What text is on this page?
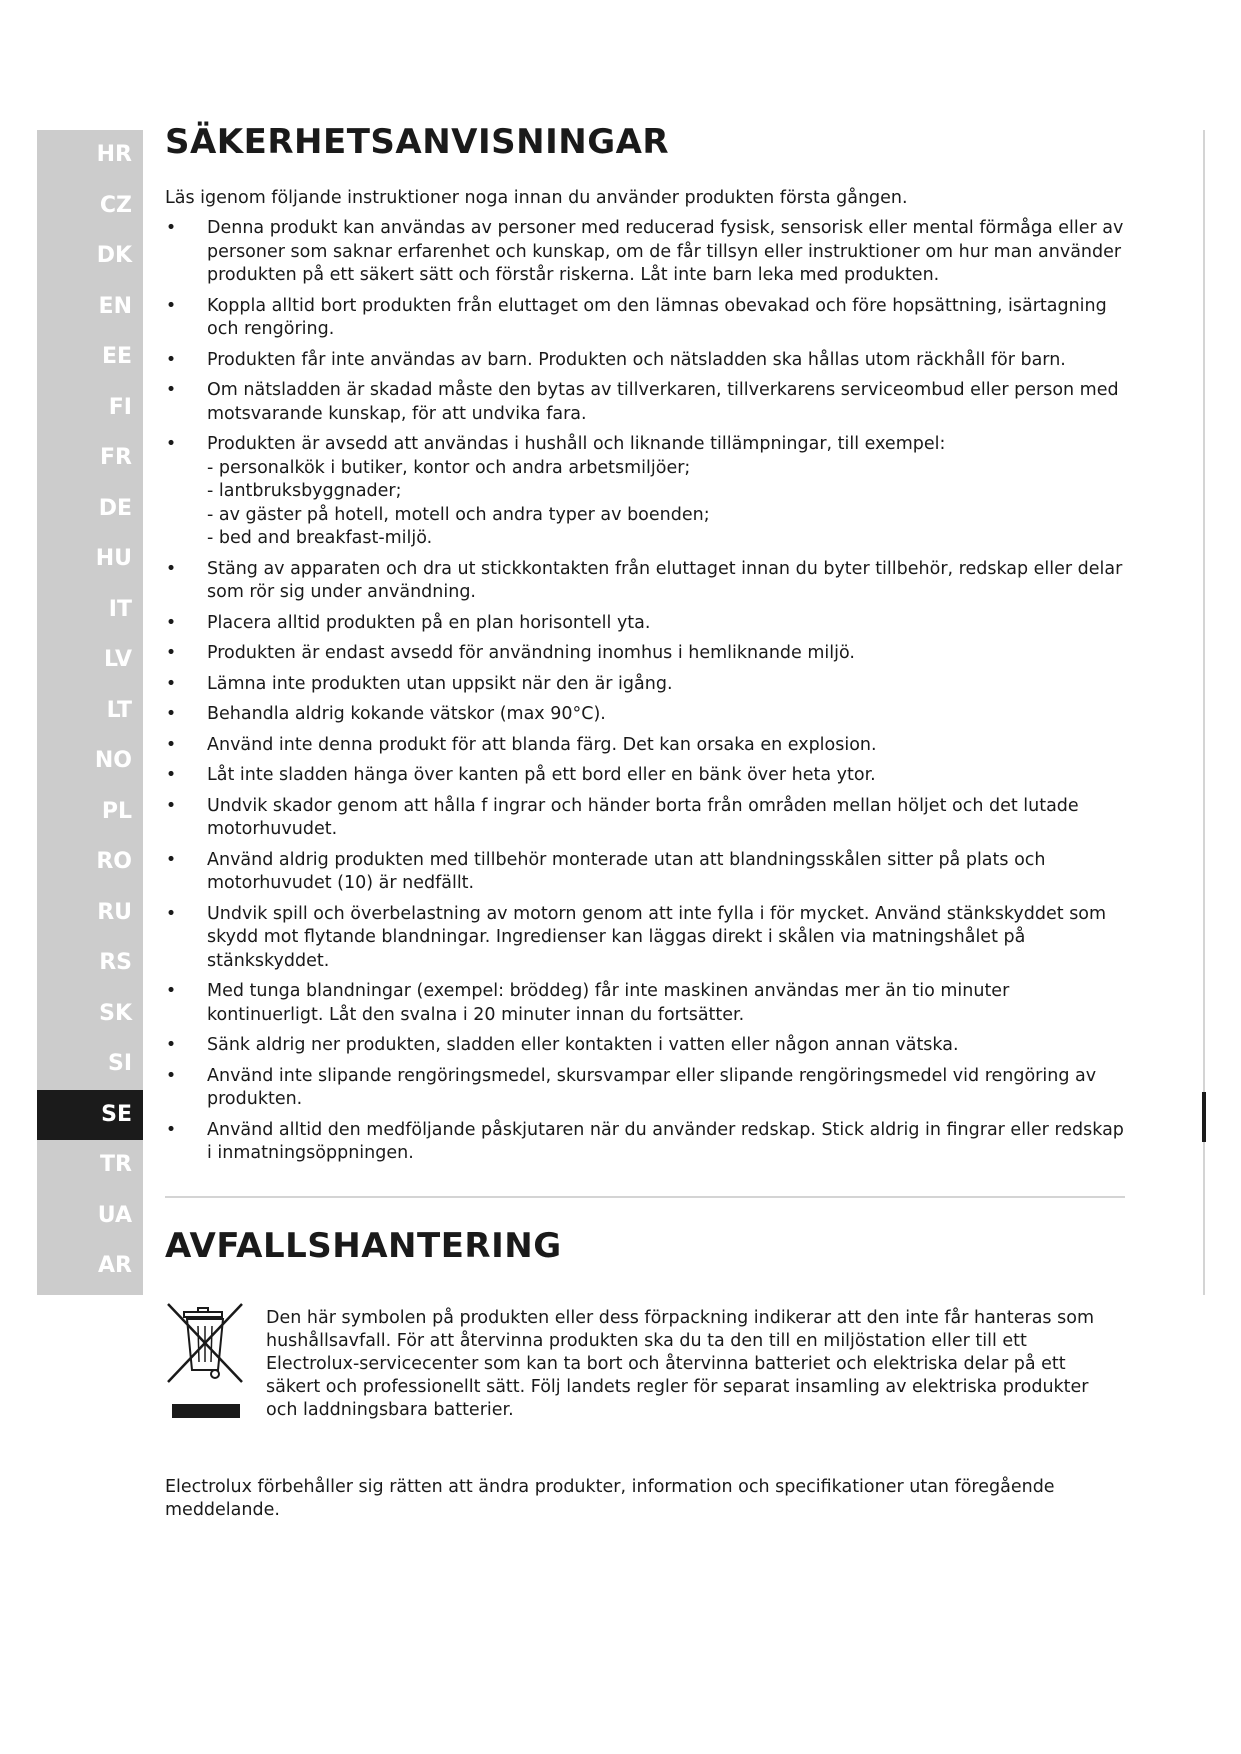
HR
CZ
DK
EN
EE
FI
FR
DE
HU
IT
LV
LT
NO
PL
RO
RU
RS
SK
SI
SE
TR
UA
AR
SÄKERHETSANVISNINGAR

Läs igenom följande instruktioner noga innan du använder produkten första gången.

• Denna produkt kan användas av personer med reducerad fysisk, sensorisk eller mental förmåga eller av personer som saknar erfarenhet och kunskap, om de får tillsyn eller instruktioner om hur man använder produkten på ett säkert sätt och förstår riskerna. Låt inte barn leka med produkten.
• Koppla alltid bort produkten från eluttaget om den lämnas obevakad och före hopsättning, isärtagning och rengöring.
• Produkten får inte användas av barn. Produkten och nätsladden ska hållas utom räckhåll för barn.
• Om nätsladden är skadad måste den bytas av tillverkaren, tillverkarens serviceombud eller person med motsvarande kunskap, för att undvika fara.
• Produkten är avsedd att användas i hushåll och liknande tillämpningar, till exempel:
- personalkök i butiker, kontor och andra arbetsmiljöer;
- lantbruksbyggnader;
- av gäster på hotell, motell och andra typer av boenden;
- bed and breakfast-miljö.
• Stäng av apparaten och dra ut stickkontakten från eluttaget innan du byter tillbehör, redskap eller delar som rör sig under användning.
• Placera alltid produkten på en plan horisontell yta.
• Produkten är endast avsedd för användning inomhus i hemliknande miljö.
• Lämna inte produkten utan uppsikt när den är igång.
• Behandla aldrig kokande vätskor (max 90°C).
• Använd inte denna produkt för att blanda färg. Det kan orsaka en explosion.
• Låt inte sladden hänga över kanten på ett bord eller en bänk över heta ytor.
• Undvik skador genom att hålla f ingrar och händer borta från områden mellan höljet och det lutade motorhuvudet.
• Använd aldrig produkten med tillbehör monterade utan att blandningsskålen sitter på plats och motorhuvudet (10) är nedfällt.
• Undvik spill och överbelastning av motorn genom att inte fylla i för mycket. Använd stänkskyddet som skydd mot flytande blandningar. Ingredienser kan läggas direkt i skålen via matningshålet på stänkskyddet.
• Med tunga blandningar (exempel: bröddeg) får inte maskinen användas mer än tio minuter kontinuerligt. Låt den svalna i 20 minuter innan du fortsätter.
• Sänk aldrig ner produkten, sladden eller kontakten i vatten eller någon annan vätska.
• Använd inte slipande rengöringsmedel, skursvampar eller slipande rengöringsmedel vid rengöring av produkten.
• Använd alltid den medföljande påskjutaren när du använder redskap. Stick aldrig in fingrar eller redskap i inmatningsöppningen.
AVFALLSHANTERING
Den här symbolen på produkten eller dess förpackning indikerar att den inte får hanteras som hushållsavfall. För att återvinna produkten ska du ta den till en miljöstation eller till ett Electrolux-servicecenter som kan ta bort och återvinna batteriet och elektriska delar på ett säkert och professionellt sätt. Följ landets regler för separat insamling av elektriska produkter och laddningsbara batterier.

Electrolux förbehåller sig rätten att ändra produkter, information och specifikationer utan föregående meddelande.
